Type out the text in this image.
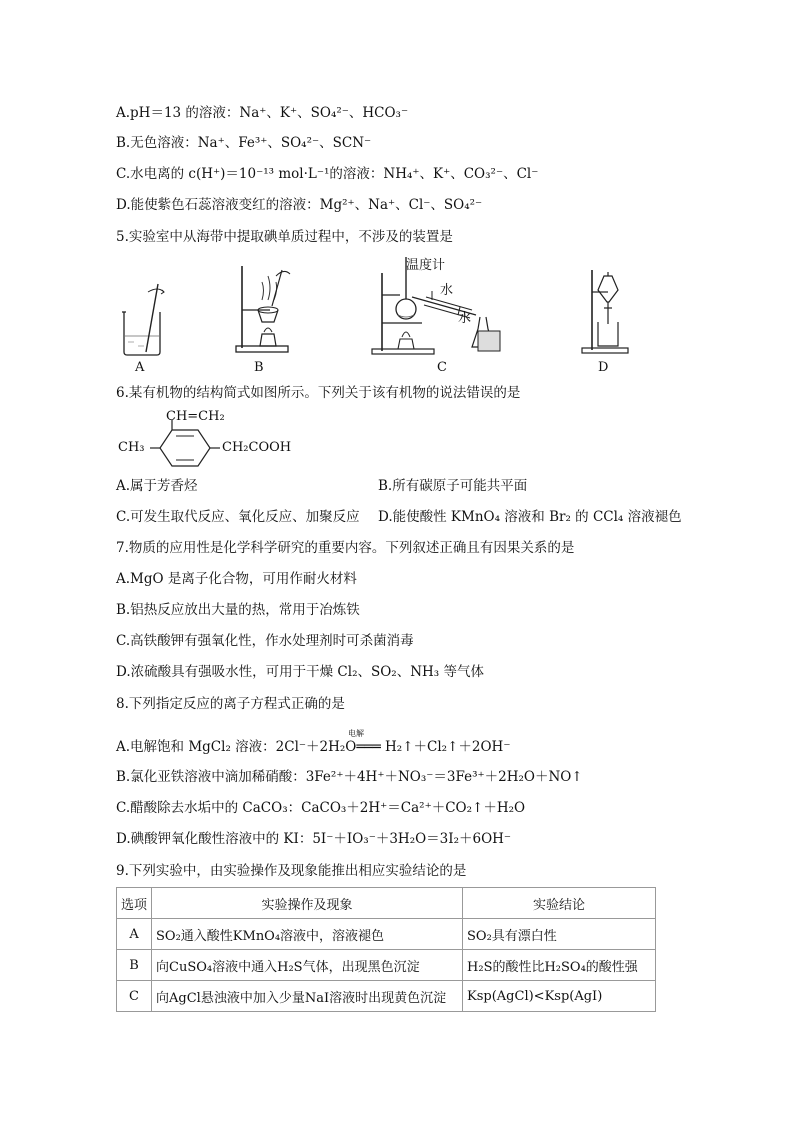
A.pH＝13 的溶液：Na⁺、K⁺、SO₄²⁻、HCO₃⁻
B.无色溶液：Na⁺、Fe³⁺、SO₄²⁻、SCN⁻
C.水电离的 c(H⁺)＝10⁻¹³ mol·L⁻¹的溶液：NH₄⁺、K⁺、CO₃²⁻、Cl⁻
D.能使紫色石蕊溶液变红的溶液：Mg²⁺、Na⁺、Cl⁻、SO₄²⁻
5.实验室中从海带中提取碘单质过程中，不涉及的装置是
A	B
温度计
水
水
C	D
6.某有机物的结构简式如图所示。下列关于该有机物的说法错误的是
CH=CH₂
CH₃	CH₂COOH
A.属于芳香烃	B.所有碳原子可能共平面
C.可发生取代反应、氧化反应、加聚反应 D.能使酸性 KMnO₄ 溶液和 Br₂ 的 CCl₄ 溶液褪色
7.物质的应用性是化学科学研究的重要内容。下列叙述正确且有因果关系的是
A.MgO 是离子化合物，可用作耐火材料
B.铝热反应放出大量的热，常用于冶炼铁
C.高铁酸钾有强氧化性，作水处理剂时可杀菌消毒
D.浓硫酸具有强吸水性，可用于干燥 Cl₂、SO₂、NH₃ 等气体
8.下列指定反应的离子方程式正确的是
电解
A.电解饱和 MgCl₂ 溶液：2Cl⁻＋2H₂O═══ H₂↑＋Cl₂↑＋2OH⁻
B.氯化亚铁溶液中滴加稀硝酸：3Fe²⁺＋4H⁺＋NO₃⁻＝3Fe³⁺＋2H₂O＋NO↑
C.醋酸除去水垢中的 CaCO₃：CaCO₃＋2H⁺＝Ca²⁺＋CO₂↑＋H₂O
D.碘酸钾氧化酸性溶液中的 KI：5I⁻＋IO₃⁻＋3H₂O＝3I₂＋6OH⁻
9.下列实验中，由实验操作及现象能推出相应实验结论的是
选项	实验操作及现象	实验结论
A	SO₂通入酸性KMnO₄溶液中，溶液褪色	SO₂具有漂白性
B	向CuSO₄溶液中通入H₂S气体，出现黑色沉淀	H₂S的酸性比H₂SO₄的酸性强
C	向AgCl悬浊液中加入少量NaI溶液时出现黄色沉淀	Ksp(AgCl)<Ksp(AgI)
